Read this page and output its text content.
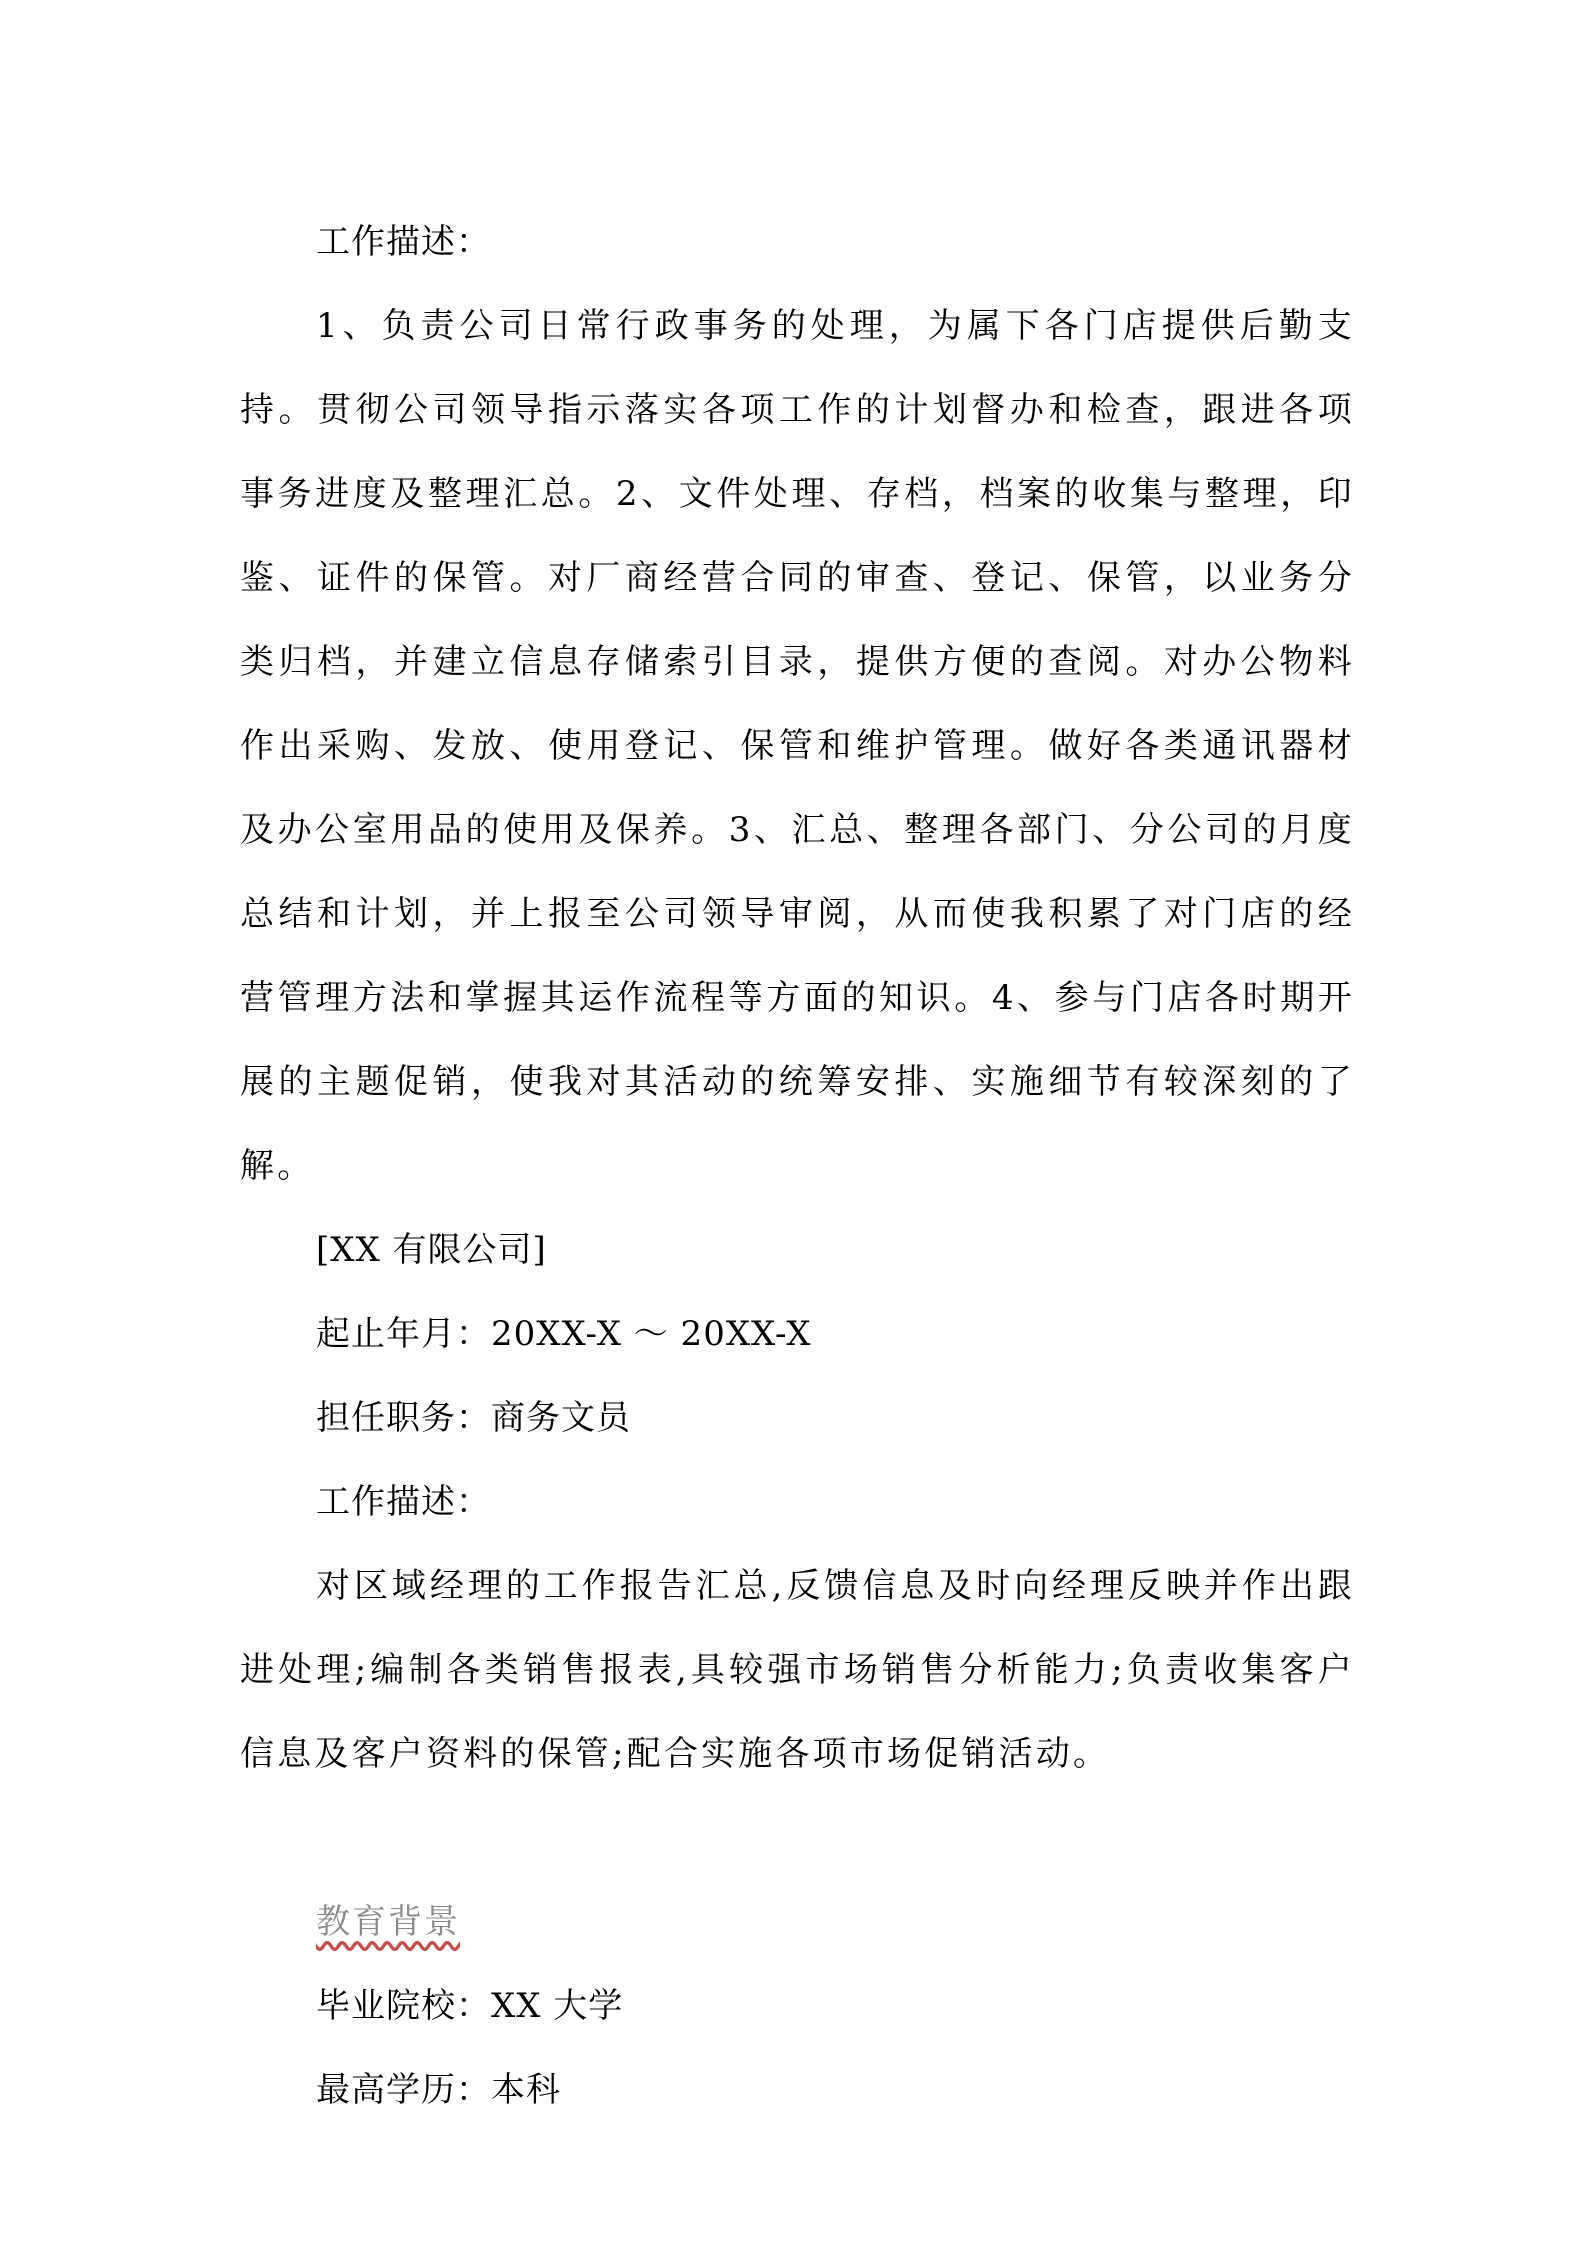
工作描述：

1、负责公司日常行政事务的处理，为属下各门店提供后勤支持。贯彻公司领导指示落实各项工作的计划督办和检查，跟进各项事务进度及整理汇总。2、文件处理、存档，档案的收集与整理，印鉴、证件的保管。对厂商经营合同的审查、登记、保管，以业务分类归档，并建立信息存储索引目录，提供方便的查阅。对办公物料作出采购、发放、使用登记、保管和维护管理。做好各类通讯器材及办公室用品的使用及保养。3、汇总、整理各部门、分公司的月度总结和计划，并上报至公司领导审阅，从而使我积累了对门店的经营管理方法和掌握其运作流程等方面的知识。4、参与门店各时期开展的主题促销，使我对其活动的统筹安排、实施细节有较深刻的了解。

[XX 有限公司]
起止年月：20XX-X ～ 20XX-X
担任职务：商务文员
工作描述：

对区域经理的工作报告汇总,反馈信息及时向经理反映并作出跟进处理;编制各类销售报表,具较强市场销售分析能力;负责收集客户信息及客户资料的保管;配合实施各项市场促销活动。

教育背景
毕业院校：XX 大学
最高学历：本科
